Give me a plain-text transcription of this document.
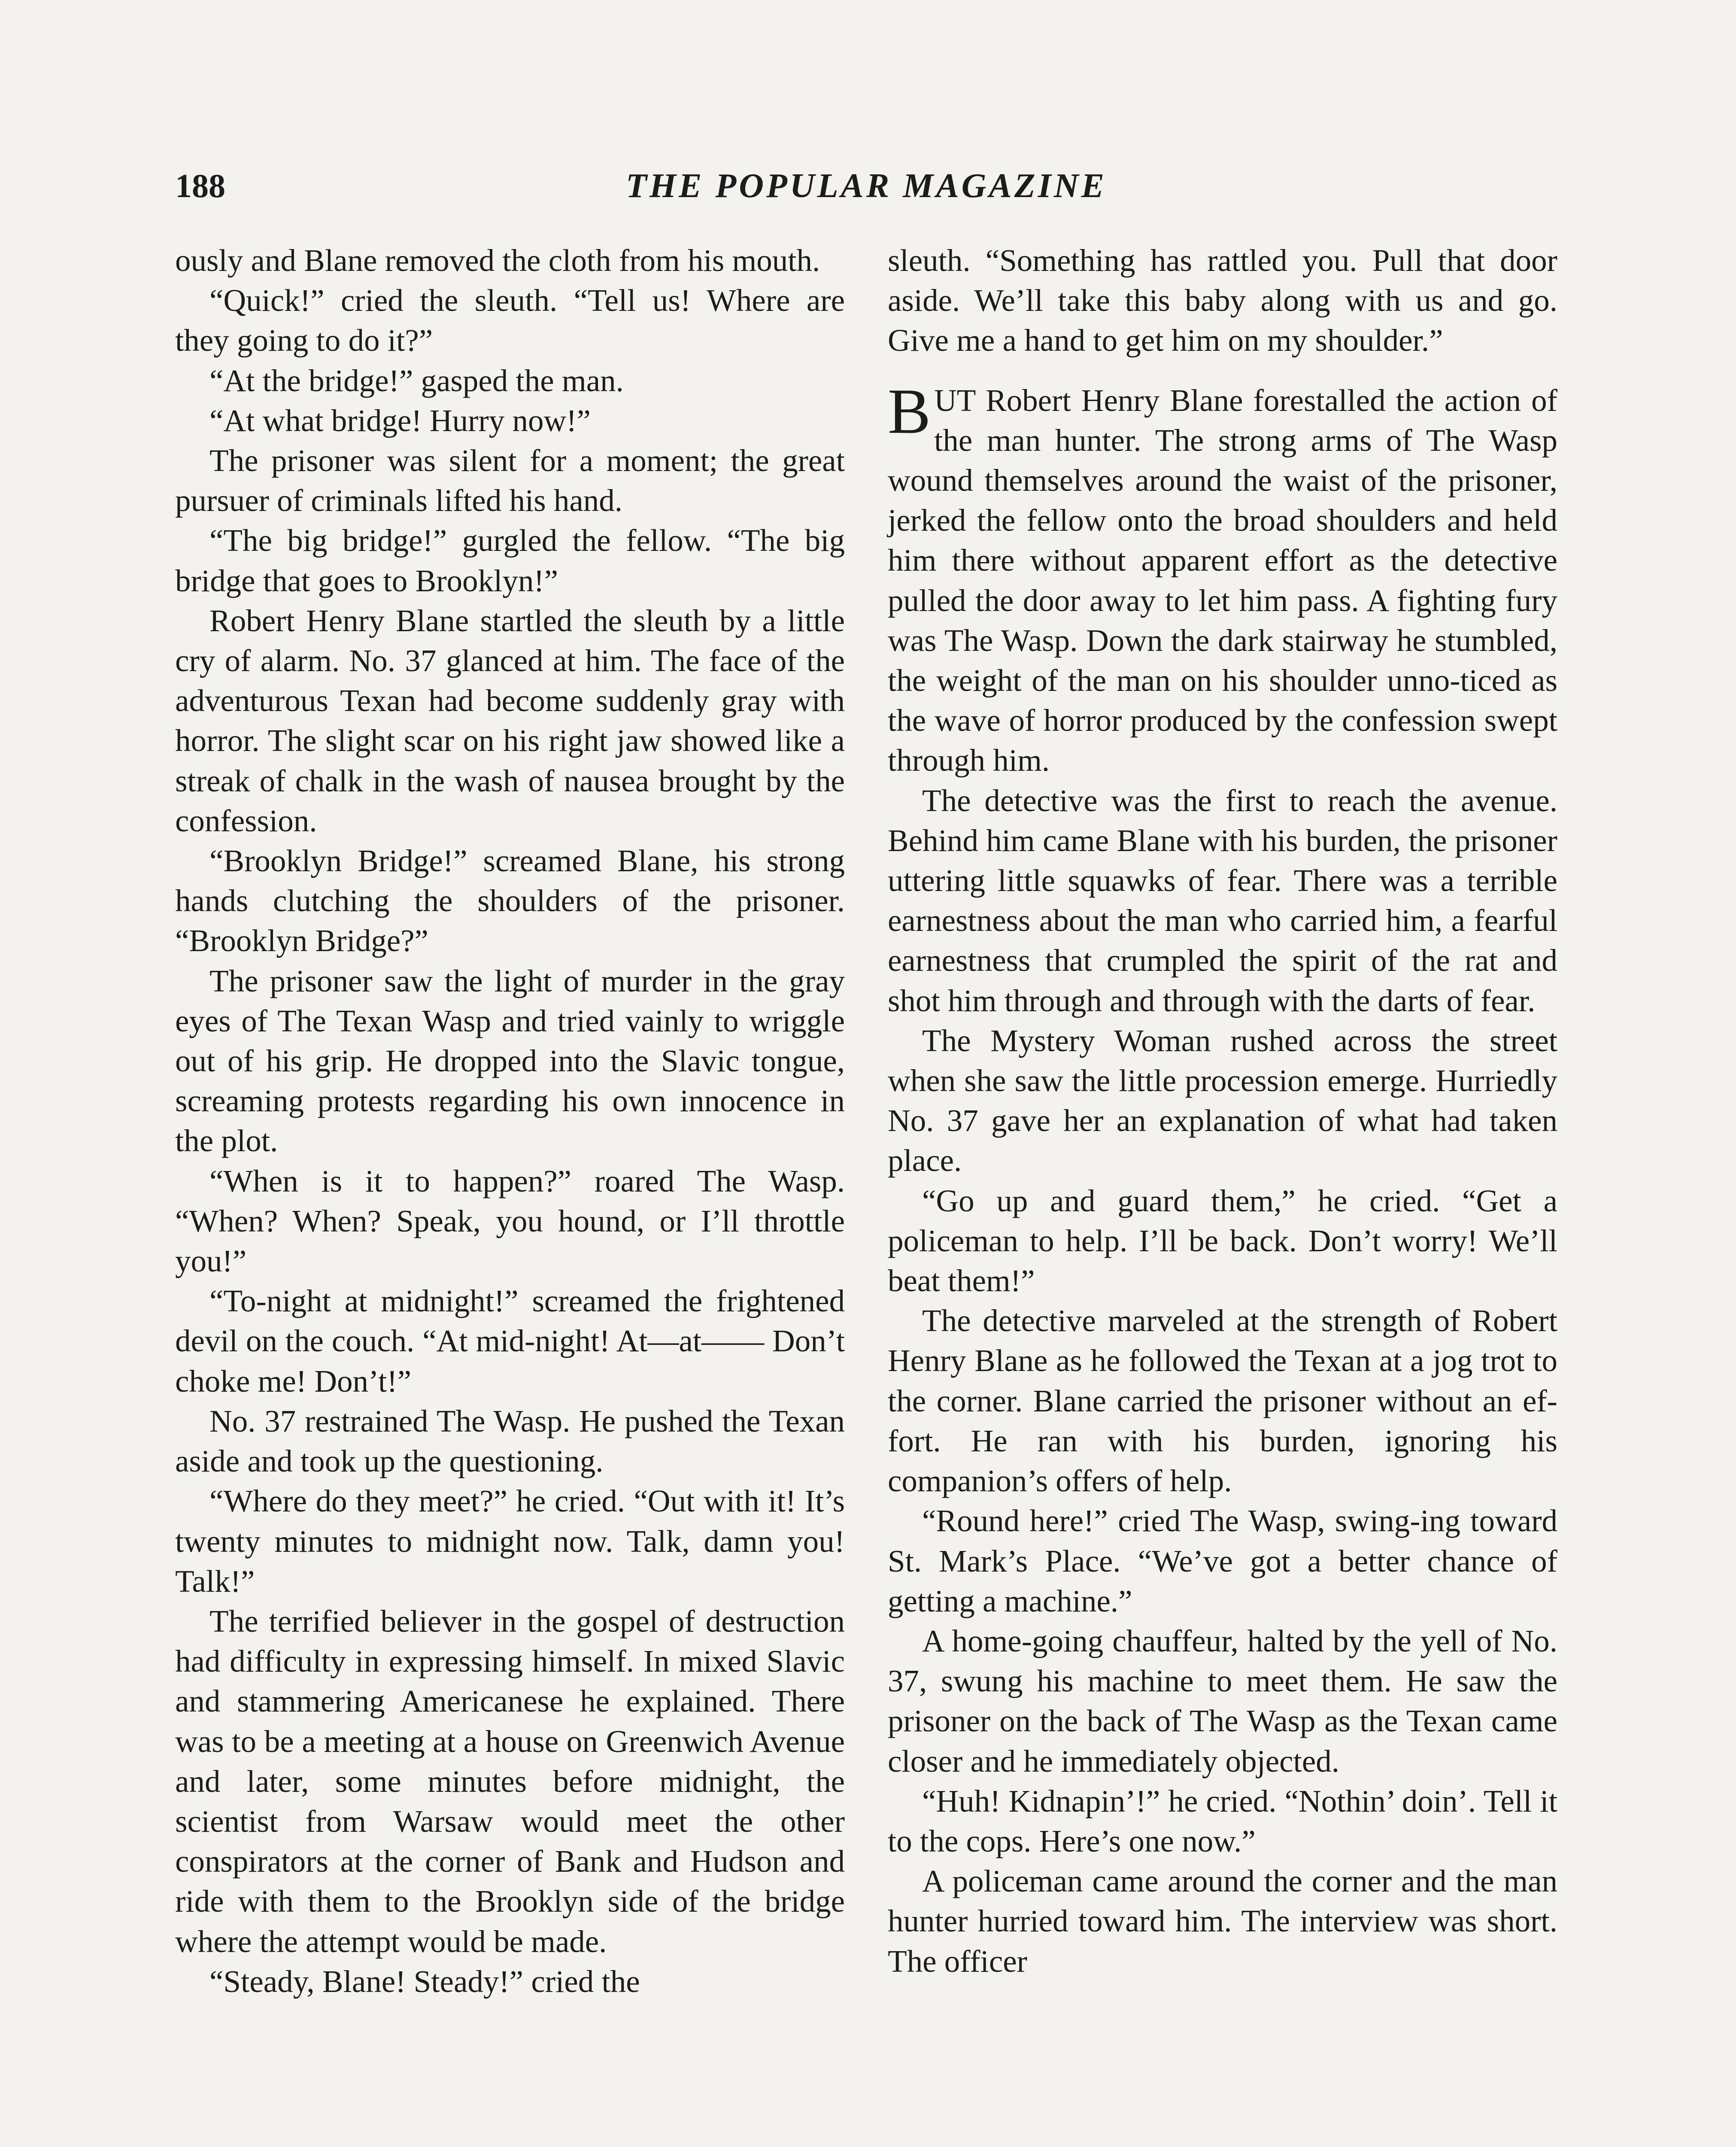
188	THE POPULAR MAGAZINE

ously and Blane removed the cloth from his mouth.

“Quick!” cried the sleuth. “Tell us! Where are they going to do it?”

“At the bridge!” gasped the man.

“At what bridge! Hurry now!”

The prisoner was silent for a moment; the great pursuer of criminals lifted his hand.

“The big bridge!” gurgled the fellow. “The big bridge that goes to Brooklyn!”

Robert Henry Blane startled the sleuth by a little cry of alarm. No. 37 glanced at him. The face of the adventurous Texan had become suddenly gray with horror. The slight scar on his right jaw showed like a streak of chalk in the wash of nausea brought by the confession.

“Brooklyn Bridge!” screamed Blane, his strong hands clutching the shoulders of the prisoner. “Brooklyn Bridge?”

The prisoner saw the light of murder in the gray eyes of The Texan Wasp and tried vainly to wriggle out of his grip. He dropped into the Slavic tongue, screaming protests regarding his own innocence in the plot.

“When is it to happen?” roared The Wasp. “When? When? Speak, you hound, or I’ll throttle you!”

“To-night at midnight!” screamed the frightened devil on the couch. “At mid-night! At—at—— Don’t choke me! Don’t!”

No. 37 restrained The Wasp. He pushed the Texan aside and took up the questioning.

“Where do they meet?” he cried. “Out with it! It’s twenty minutes to midnight now. Talk, damn you! Talk!”

The terrified believer in the gospel of destruction had difficulty in expressing himself. In mixed Slavic and stammering Americanese he explained. There was to be a meeting at a house on Greenwich Avenue and later, some minutes before midnight, the scientist from Warsaw would meet the other conspirators at the corner of Bank and Hudson and ride with them to the Brooklyn side of the bridge where the attempt would be made.

“Steady, Blane! Steady!” cried the

sleuth. “Something has rattled you. Pull that door aside. We’ll take this baby along with us and go. Give me a hand to get him on my shoulder.”

BUT Robert Henry Blane forestalled the action of the man hunter. The strong arms of The Wasp wound themselves around the waist of the prisoner, jerked the fellow onto the broad shoulders and held him there without apparent effort as the detective pulled the door away to let him pass. A fighting fury was The Wasp. Down the dark stairway he stumbled, the weight of the man on his shoulder unno-ticed as the wave of horror produced by the confession swept through him.

The detective was the first to reach the avenue. Behind him came Blane with his burden, the prisoner uttering little squawks of fear. There was a terrible earnestness about the man who carried him, a fearful earnestness that crumpled the spirit of the rat and shot him through and through with the darts of fear.

The Mystery Woman rushed across the street when she saw the little procession emerge. Hurriedly No. 37 gave her an explanation of what had taken place.

“Go up and guard them,” he cried. “Get a policeman to help. I’ll be back. Don’t worry! We’ll beat them!”

The detective marveled at the strength of Robert Henry Blane as he followed the Texan at a jog trot to the corner. Blane carried the prisoner without an ef-fort. He ran with his burden, ignoring his companion’s offers of help.

“Round here!” cried The Wasp, swing-ing toward St. Mark’s Place. “We’ve got a better chance of getting a machine.”

A home-going chauffeur, halted by the yell of No. 37, swung his machine to meet them. He saw the prisoner on the back of The Wasp as the Texan came closer and he immediately objected.

“Huh! Kidnapin’!” he cried. “Nothin’ doin’. Tell it to the cops. Here’s one now.”

A policeman came around the corner and the man hunter hurried toward him. The interview was short. The officer
